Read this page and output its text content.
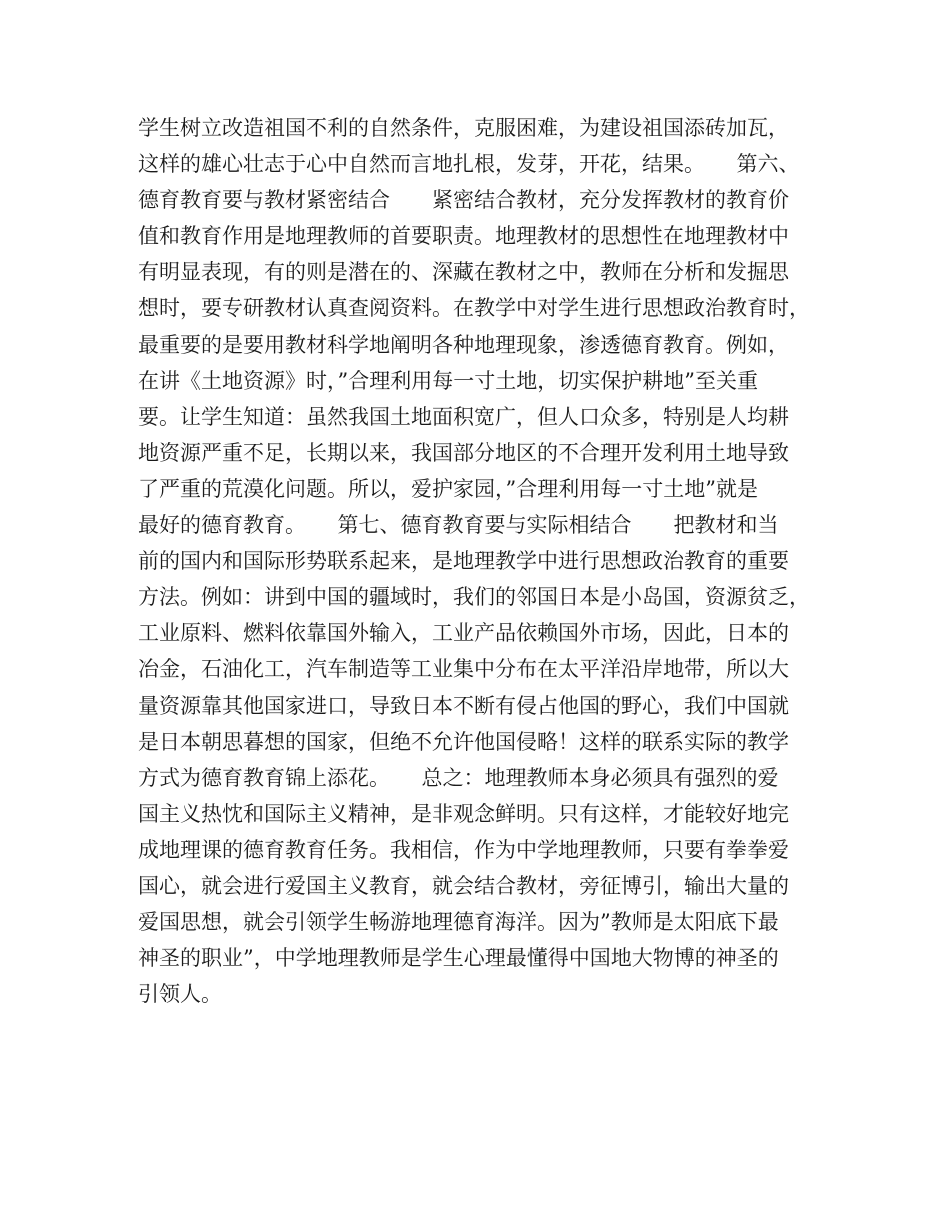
学生树立改造祖国不利的自然条件，克服困难，为建设祖国添砖加瓦，
这样的雄心壮志于心中自然而言地扎根，发芽，开花，结果。　　第六、
德育教育要与教材紧密结合　　紧密结合教材，充分发挥教材的教育价
值和教育作用是地理教师的首要职责。地理教材的思想性在地理教材中
有明显表现，有的则是潜在的、深藏在教材之中，教师在分析和发掘思
想时，要专研教材认真查阅资料。在教学中对学生进行思想政治教育时，
最重要的是要用教材科学地阐明各种地理现象，渗透德育教育。例如，
在讲《土地资源》时，”合理利用每一寸土地，切实保护耕地”至关重
要。让学生知道：虽然我国土地面积宽广，但人口众多，特别是人均耕
地资源严重不足，长期以来，我国部分地区的不合理开发利用土地导致
了严重的荒漠化问题。所以，爱护家园，”合理利用每一寸土地”就是
最好的德育教育。　　第七、德育教育要与实际相结合　　把教材和当
前的国内和国际形势联系起来，是地理教学中进行思想政治教育的重要
方法。例如：讲到中国的疆域时，我们的邻国日本是小岛国，资源贫乏，
工业原料、燃料依靠国外输入，工业产品依赖国外市场，因此，日本的
冶金，石油化工，汽车制造等工业集中分布在太平洋沿岸地带，所以大
量资源靠其他国家进口，导致日本不断有侵占他国的野心，我们中国就
是日本朝思暮想的国家，但绝不允许他国侵略！这样的联系实际的教学
方式为德育教育锦上添花。　　总之：地理教师本身必须具有强烈的爱
国主义热忱和国际主义精神，是非观念鲜明。只有这样，才能较好地完
成地理课的德育教育任务。我相信，作为中学地理教师，只要有拳拳爱
国心，就会进行爱国主义教育，就会结合教材，旁征博引，输出大量的
爱国思想，就会引领学生畅游地理德育海洋。因为”教师是太阳底下最
神圣的职业”，中学地理教师是学生心理最懂得中国地大物博的神圣的
引领人。
